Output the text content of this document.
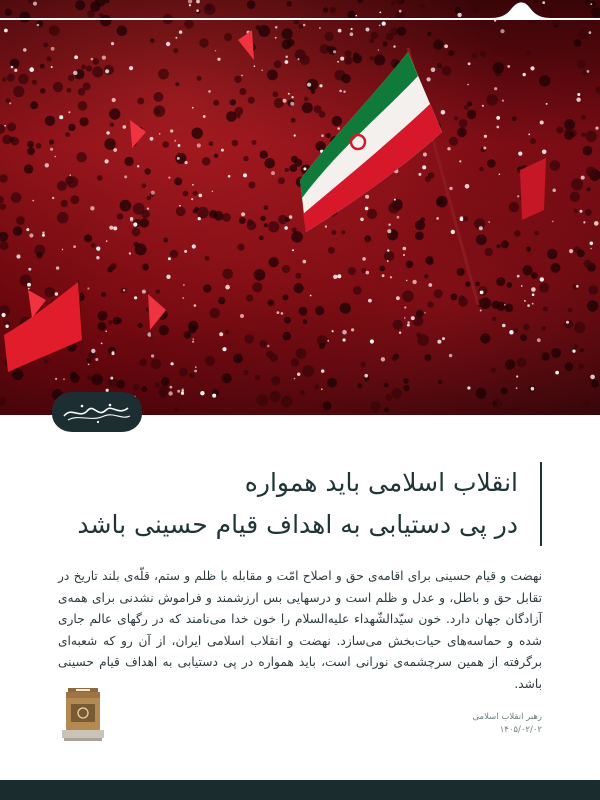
انقلاب اسلامی باید همواره
در پی دستیابی به اهداف قیام حسینی باشد

نهضت و قیام حسینی برای اقامه‌ی حق و اصلاح امّت و مقابله با ظلم و ستم، قلّه‌ی بلند تاریخ در تقابل حق و باطل، و عدل و ظلم است و درسهایی بس ارزشمند و فراموش نشدنی برای همه‌ی آزادگان جهان دارد. خون سیّدالشّهداء علیه‌السلام را خون خدا می‌نامند که در رگهای عالم جاری شده و حماسه‌های حیات‌بخش می‌سازد. نهضت و انقلاب اسلامی ایران، از آن رو که شعبه‌ای برگرفته از همین سرچشمه‌ی نورانی است، باید همواره در پی دستیابی به اهداف قیام حسینی باشد.

رهبر انقلاب اسلامی
۱۴۰۵/۰۲/۰۲
